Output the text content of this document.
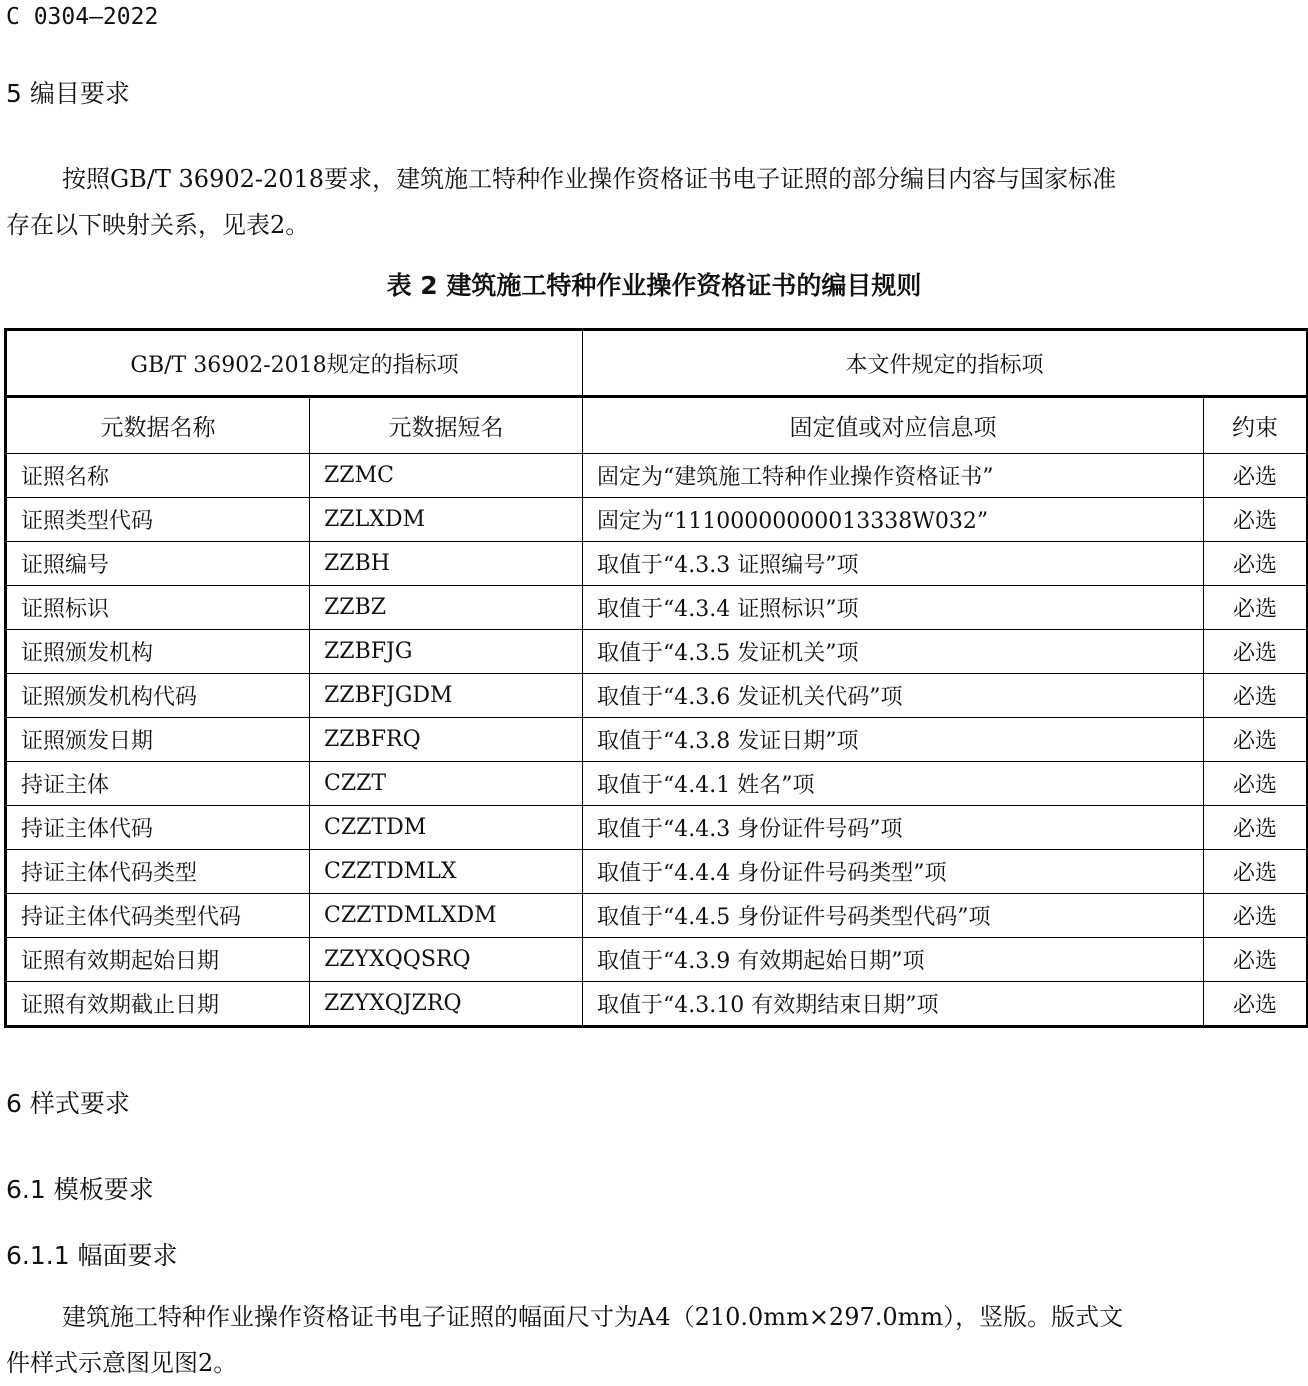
C 0304—2022
5 编目要求
按照GB/T 36902-2018要求，建筑施工特种作业操作资格证书电子证照的部分编目内容与国家标准
存在以下映射关系，见表2。
表 2 建筑施工特种作业操作资格证书的编目规则
GB/T 36902-2018规定的指标项		本文件规定的指标项	
元数据名称	元数据短名	固定值或对应信息项	约束
证照名称	ZZMC	固定为“建筑施工特种作业操作资格证书”	必选
证照类型代码	ZZLXDM	固定为“11100000000013338W032”	必选
证照编号	ZZBH	取值于“4.3.3 证照编号”项	必选
证照标识	ZZBZ	取值于“4.3.4 证照标识”项	必选
证照颁发机构	ZZBFJG	取值于“4.3.5 发证机关”项	必选
证照颁发机构代码	ZZBFJGDM	取值于“4.3.6 发证机关代码”项	必选
证照颁发日期	ZZBFRQ	取值于“4.3.8 发证日期”项	必选
持证主体	CZZT	取值于“4.4.1 姓名”项	必选
持证主体代码	CZZTDM	取值于“4.4.3 身份证件号码”项	必选
持证主体代码类型	CZZTDMLX	取值于“4.4.4 身份证件号码类型”项	必选
持证主体代码类型代码	CZZTDMLXDM	取值于“4.4.5 身份证件号码类型代码”项	必选
证照有效期起始日期	ZZYXQQSRQ	取值于“4.3.9 有效期起始日期”项	必选
证照有效期截止日期	ZZYXQJZRQ	取值于“4.3.10 有效期结束日期”项	必选
6 样式要求
6.1 模板要求
6.1.1 幅面要求
建筑施工特种作业操作资格证书电子证照的幅面尺寸为A4（210.0mm×297.0mm），竖版。版式文
件样式示意图见图2。
